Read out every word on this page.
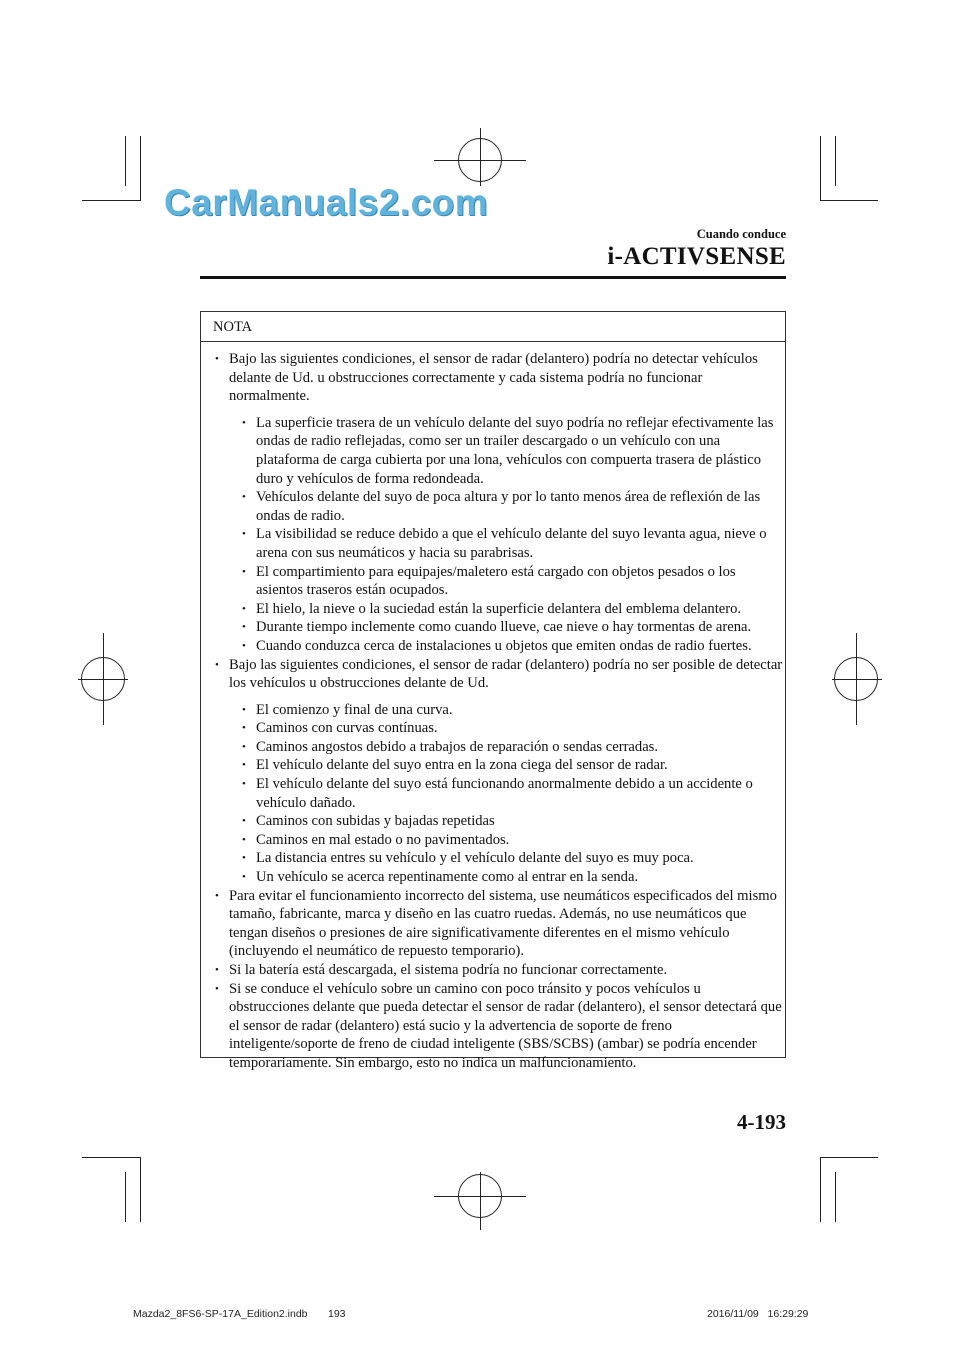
CarManuals2.com
Cuando conduce
i-ACTIVSENSE
NOTA
• Bajo las siguientes condiciones, el sensor de radar (delantero) podría no detectar vehículos delante de Ud. u obstrucciones correctamente y cada sistema podría no funcionar normalmente.
• La superficie trasera de un vehículo delante del suyo podría no reflejar efectivamente las ondas de radio reflejadas, como ser un trailer descargado o un vehículo con una plataforma de carga cubierta por una lona, vehículos con compuerta trasera de plástico duro y vehículos de forma redondeada.
• Vehículos delante del suyo de poca altura y por lo tanto menos área de reflexión de las ondas de radio.
• La visibilidad se reduce debido a que el vehículo delante del suyo levanta agua, nieve o arena con sus neumáticos y hacia su parabrisas.
• El compartimiento para equipajes/maletero está cargado con objetos pesados o los asientos traseros están ocupados.
• El hielo, la nieve o la suciedad están la superficie delantera del emblema delantero.
• Durante tiempo inclemente como cuando llueve, cae nieve o hay tormentas de arena.
• Cuando conduzca cerca de instalaciones u objetos que emiten ondas de radio fuertes.
• Bajo las siguientes condiciones, el sensor de radar (delantero) podría no ser posible de detectar los vehículos u obstrucciones delante de Ud.
• El comienzo y final de una curva.
• Caminos con curvas contínuas.
• Caminos angostos debido a trabajos de reparación o sendas cerradas.
• El vehículo delante del suyo entra en la zona ciega del sensor de radar.
• El vehículo delante del suyo está funcionando anormalmente debido a un accidente o vehículo dañado.
• Caminos con subidas y bajadas repetidas
• Caminos en mal estado o no pavimentados.
• La distancia entres su vehículo y el vehículo delante del suyo es muy poca.
• Un vehículo se acerca repentinamente como al entrar en la senda.
• Para evitar el funcionamiento incorrecto del sistema, use neumáticos especificados del mismo tamaño, fabricante, marca y diseño en las cuatro ruedas. Además, no use neumáticos que tengan diseños o presiones de aire significativamente diferentes en el mismo vehículo (incluyendo el neumático de repuesto temporario).
• Si la batería está descargada, el sistema podría no funcionar correctamente.
• Si se conduce el vehículo sobre un camino con poco tránsito y pocos vehículos u obstrucciones delante que pueda detectar el sensor de radar (delantero), el sensor detectará que el sensor de radar (delantero) está sucio y la advertencia de soporte de freno inteligente/soporte de freno de ciudad inteligente (SBS/SCBS) (ambar) se podría encender temporariamente. Sin embargo, esto no indica un malfuncionamiento.
4-193
Mazda2_8FS6-SP-17A_Edition2.indb 193	2016/11/09   16:29:29
